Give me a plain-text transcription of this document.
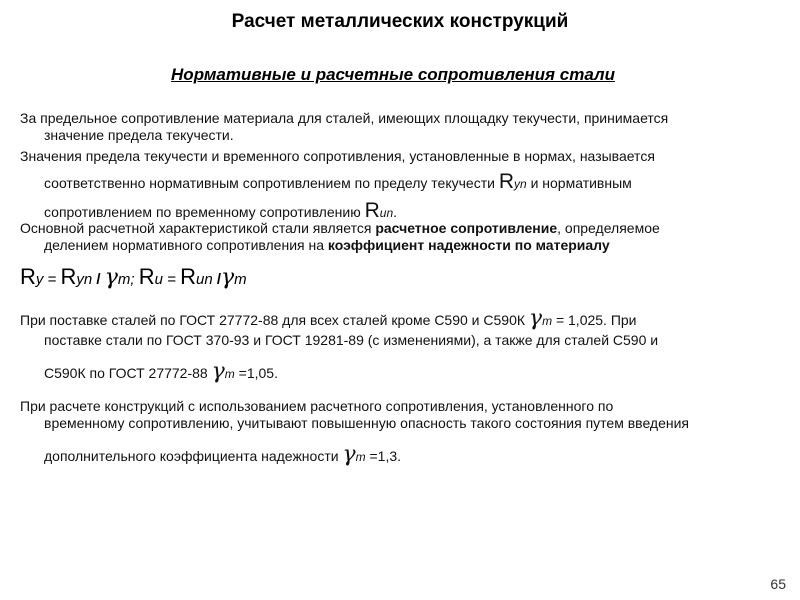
Расчет металлических конструкций
Нормативные и расчетные сопротивления стали
За предельное сопротивление материала для сталей, имеющих площадку текучести, принимается
значение предела текучести.
Значения предела текучести и временного сопротивления, установленные в нормах, называется
соответственно нормативным сопротивлением по пределу текучести Ryn и нормативным
сопротивлением по временному сопротивлению Run.
Основной расчетной характеристикой стали является расчетное сопротивление, определяемое
делением нормативного сопротивления на коэффициент надежности по материалу
Ry = Ryn / γm; Ru = Run /γm
При поставке сталей по ГОСТ 27772-88 для всех сталей кроме С590 и С590К γm = 1,025. При
поставке стали по ГОСТ 370-93 и ГОСТ 19281-89 (с изменениями), а также для сталей С590 и
С590К по ГОСТ 27772-88 γm =1,05.
При расчете конструкций с использованием расчетного сопротивления, установленного по
временному сопротивлению, учитывают повышенную опасность такого состояния путем введения
дополнительного коэффициента надежности γm =1,3.
65
